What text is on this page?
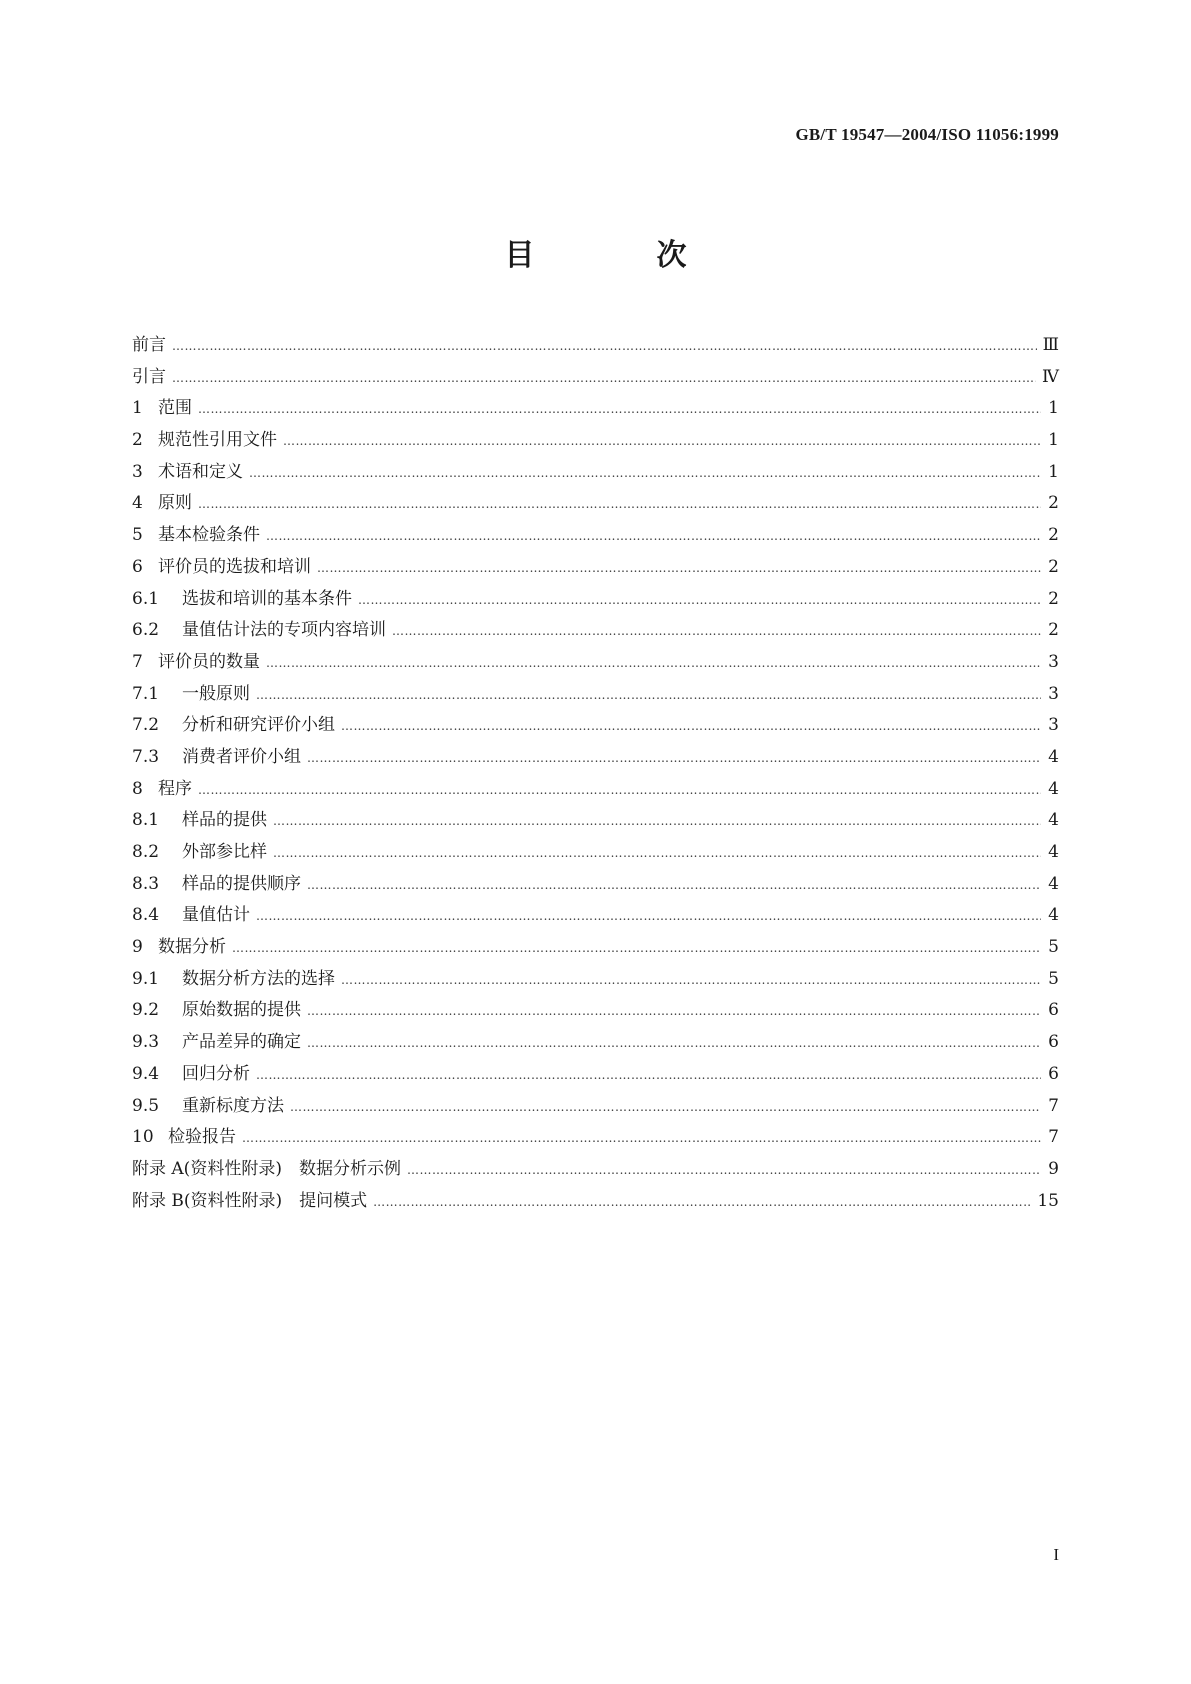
GB/T 19547—2004/ISO 11056:1999
目　次
前言 ………………………………………………………………………………………………………………………………………………………………………………………………………………………………………………	Ⅲ
引言 ………………………………………………………………………………………………………………………………………………………………………………………………………………………………………………	Ⅳ
1 范围 ………………………………………………………………………………………………………………………………………………………………………………………………………………………………………………	1
2 规范性引用文件 ………………………………………………………………………………………………………………………………………………………………………………………………………………………………………………	1
3 术语和定义 ………………………………………………………………………………………………………………………………………………………………………………………………………………………………………………	1
4 原则 ………………………………………………………………………………………………………………………………………………………………………………………………………………………………………………	2
5 基本检验条件 ………………………………………………………………………………………………………………………………………………………………………………………………………………………………………………	2
6 评价员的选拔和培训 ………………………………………………………………………………………………………………………………………………………………………………………………………………………………………………	2
6.1	选拔和培训的基本条件 ………………………………………………………………………………………………………………………………………………………………………………………………………………………………………………	2
6.2	量值估计法的专项内容培训 ………………………………………………………………………………………………………………………………………………………………………………………………………………………………………………	2
7 评价员的数量 ………………………………………………………………………………………………………………………………………………………………………………………………………………………………………………	3
7.1	一般原则 ………………………………………………………………………………………………………………………………………………………………………………………………………………………………………………	3
7.2	分析和研究评价小组 ………………………………………………………………………………………………………………………………………………………………………………………………………………………………………………	3
7.3	消费者评价小组 ………………………………………………………………………………………………………………………………………………………………………………………………………………………………………………	4
8 程序 ………………………………………………………………………………………………………………………………………………………………………………………………………………………………………………	4
8.1	样品的提供 ………………………………………………………………………………………………………………………………………………………………………………………………………………………………………………	4
8.2	外部参比样 ………………………………………………………………………………………………………………………………………………………………………………………………………………………………………………	4
8.3	样品的提供顺序 ………………………………………………………………………………………………………………………………………………………………………………………………………………………………………………	4
8.4	量值估计 ………………………………………………………………………………………………………………………………………………………………………………………………………………………………………………	4
9 数据分析 ………………………………………………………………………………………………………………………………………………………………………………………………………………………………………………	5
9.1	数据分析方法的选择 ………………………………………………………………………………………………………………………………………………………………………………………………………………………………………………	5
9.2	原始数据的提供 ………………………………………………………………………………………………………………………………………………………………………………………………………………………………………………	6
9.3	产品差异的确定 ………………………………………………………………………………………………………………………………………………………………………………………………………………………………………………	6
9.4	回归分析 ………………………………………………………………………………………………………………………………………………………………………………………………………………………………………………	6
9.5	重新标度方法 ………………………………………………………………………………………………………………………………………………………………………………………………………………………………………………	7
10 检验报告 ………………………………………………………………………………………………………………………………………………………………………………………………………………………………………………	7
附录 A(资料性附录)　数据分析示例 ………………………………………………………………………………………………………………………………………………………………………………………………………………………………………………	9
附录 B(资料性附录)　提问模式 ………………………………………………………………………………………………………………………………………………………………………………………………………………………………………………	15
I
